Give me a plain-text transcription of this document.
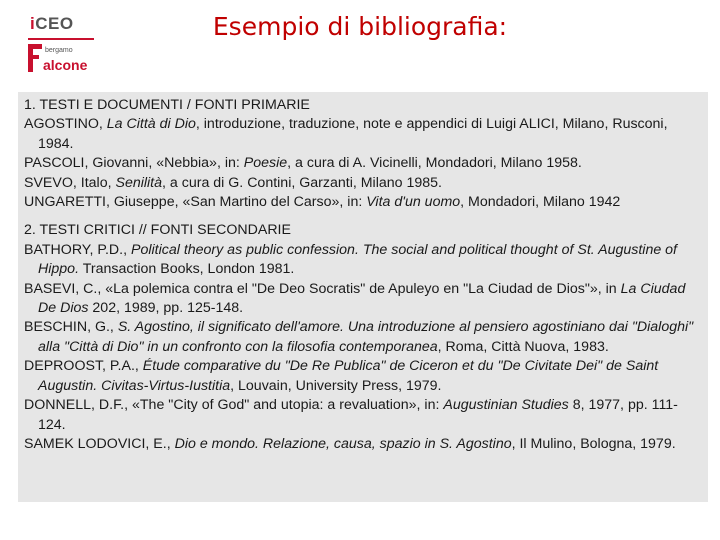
iCEO
bergamo
alcone
Esempio di bibliografia:
1. TESTI E DOCUMENTI / FONTI PRIMARIE
AGOSTINO, La Città di Dio, introduzione, traduzione, note e appendici di Luigi ALICI, Milano, Rusconi, 1984.
PASCOLI, Giovanni, «Nebbia», in: Poesie, a cura di A. Vicinelli, Mondadori, Milano 1958.
SVEVO, Italo, Senilità, a cura di G. Contini, Garzanti, Milano 1985.
UNGARETTI, Giuseppe, «San Martino del Carso», in: Vita d'un uomo, Mondadori, Milano 1942
2. TESTI CRITICI // FONTI SECONDARIE
BATHORY, P.D., Political theory as public confession. The social and political thought of St. Augustine of Hippo. Transaction Books, London 1981.
BASEVI, C., «La polemica contra el "De Deo Socratis" de Apuleyo en "La Ciudad de Dios"», in La Ciudad De Dios 202, 1989, pp. 125-148.
BESCHIN, G., S. Agostino, il significato dell'amore. Una introduzione al pensiero agostiniano dai "Dialoghi" alla "Città di Dio" in un confronto con la filosofia contemporanea, Roma, Città Nuova, 1983.
DEPROOST, P.A., Étude comparative du "De Re Publica" de Ciceron et du "De Civitate Dei" de Saint Augustin. Civitas-Virtus-Iustitia, Louvain, University Press, 1979.
DONNELL, D.F., «The "City of God" and utopia: a revaluation», in: Augustinian Studies 8, 1977, pp. 111-124.
SAMEK LODOVICI, E., Dio e mondo. Relazione, causa, spazio in S. Agostino, Il Mulino, Bologna, 1979.
